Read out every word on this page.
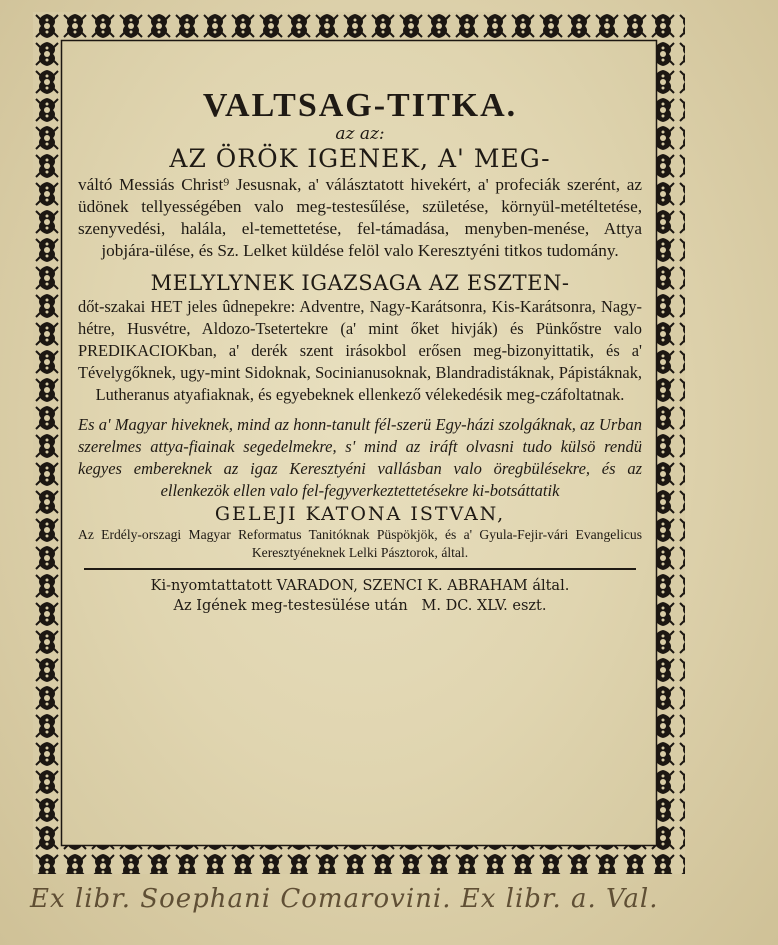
VALTSAG-TITKA.
az az:
AZ ÖRÖK IGENEK, A' MEG-
váltó Messiás Christ⁹ Jesusnak, a' válásztatott hivekért, a' profeciák szerént, az üdönek tellyességében valo meg-testesűlése, születése, környül-metéltetése, szenyvedési, halála, el-temettetése, fel-támadása, menyben-menése, Attya jobjára-ülése, és Sz. Lelket küldése felöl valo Keresztyéni titkos tudomány.
MELYLYNEK IGAZSAGA AZ ESZTEN-
dőt-szakai HET jeles ûdnepekre: Adventre, Nagy-Karátsonra, Kis-Karátsonra, Nagy-hétre, Husvétre, Aldozo-Tsetertekre (a' mint őket hivják) és Pünkőstre valo PREDIKACIOKban, a' derék szent irásokbol erősen meg-bizonyittatik, és a' Tévelygőknek, ugy-mint Sidoknak, Socinianusoknak, Blandradistáknak, Pápistáknak, Lutheranus atyafiaknak, és egyebeknek ellenkező vélekedésik meg-czáfoltatnak.
Es a' Magyar hiveknek, mind az honn-tanult fél-szerü Egy-házi szolgáknak, az Urban szerelmes attya-fiainak segedelmekre, s' mind az iráft olvasni tudo külsö rendü kegyes embereknek az igaz Keresztyéni vallásban valo öregbülésekre, és az ellenkezök ellen valo fel-fegyverkeztettetésekre ki-botsáttatik
GELEJI KATONA ISTVAN,
Az Erdély-orszagi Magyar Reformatus Tanitóknak Püspökjök, és a' Gyula-Fejir-vári Evangelicus Keresztyéneknek Lelki Pásztorok, által.
Ki-nyomtattatott VARADON, SZENCI K. ABRAHAM által.
Az Igének meg-testesülése után   M. DC. XLV. eszt.
Ex libr. Soephani Comarovini. Ex libr. a. Val.
